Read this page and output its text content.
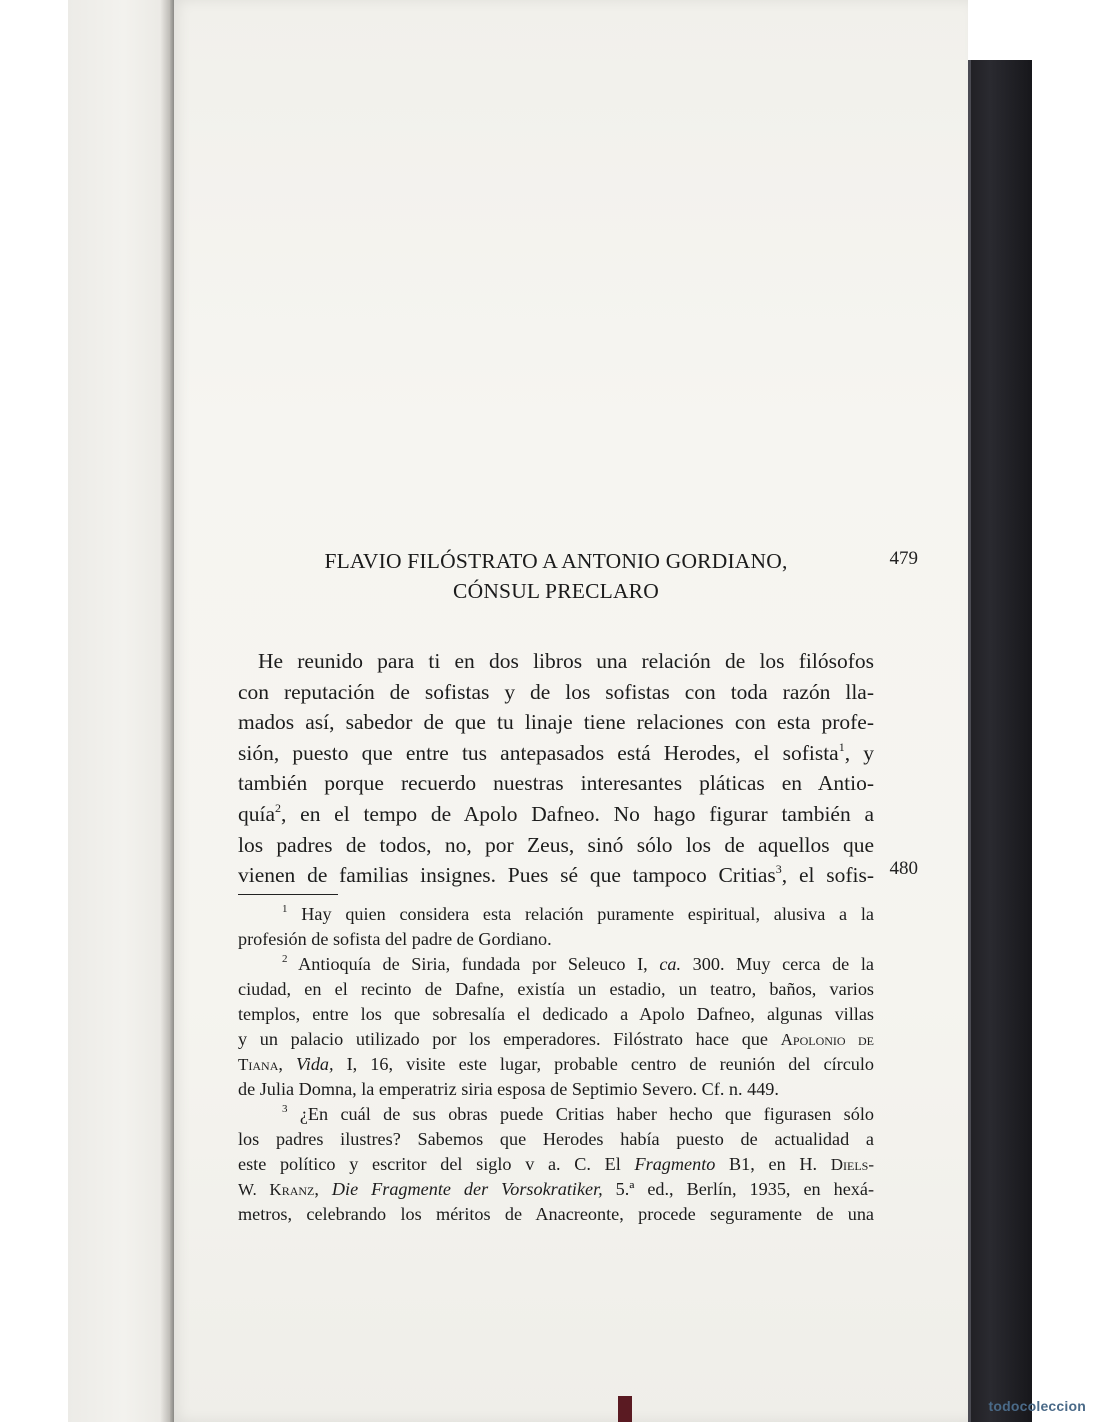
FLAVIO FILÓSTRATO A ANTONIO GORDIANO,
CÓNSUL PRECLARO
479
480
He reunido para ti en dos libros una relación de los filósofos
con reputación de sofistas y de los sofistas con toda razón lla-
mados así, sabedor de que tu linaje tiene relaciones con esta profe-
sión, puesto que entre tus antepasados está Herodes, el sofista$^1$, y
también porque recuerdo nuestras interesantes pláticas en Antio-
quía$^2$, en el tempo de Apolo Dafneo. No hago figurar también a
los padres de todos, no, por Zeus, sinó sólo los de aquellos que
vienen de familias insignes. Pues sé que tampoco Critias$^3$, el sofis-
$^1$ Hay quien considera esta relación puramente espiritual, alusiva a la
profesión de sofista del padre de Gordiano.
$^2$ Antioquía de Siria, fundada por Seleuco I, ca. 300. Muy cerca de la
ciudad, en el recinto de Dafne, existía un estadio, un teatro, baños, varios
templos, entre los que sobresalía el dedicado a Apolo Dafneo, algunas villas
y un palacio utilizado por los emperadores. Filóstrato hace que Apolonio de
Tiana, Vida, I, 16, visite este lugar, probable centro de reunión del círculo
de Julia Domna, la emperatriz siria esposa de Septimio Severo. Cf. n. 449.
$^3$ ¿En cuál de sus obras puede Critias haber hecho que figurasen sólo
los padres ilustres? Sabemos que Herodes había puesto de actualidad a
este político y escritor del siglo v a. C. El Fragmento B1, en H. Diels-
W. Kranz, Die Fragmente der Vorsokratiker, 5.ª ed., Berlín, 1935, en hexá-
metros, celebrando los méritos de Anacreonte, procede seguramente de una
todocoleccion
